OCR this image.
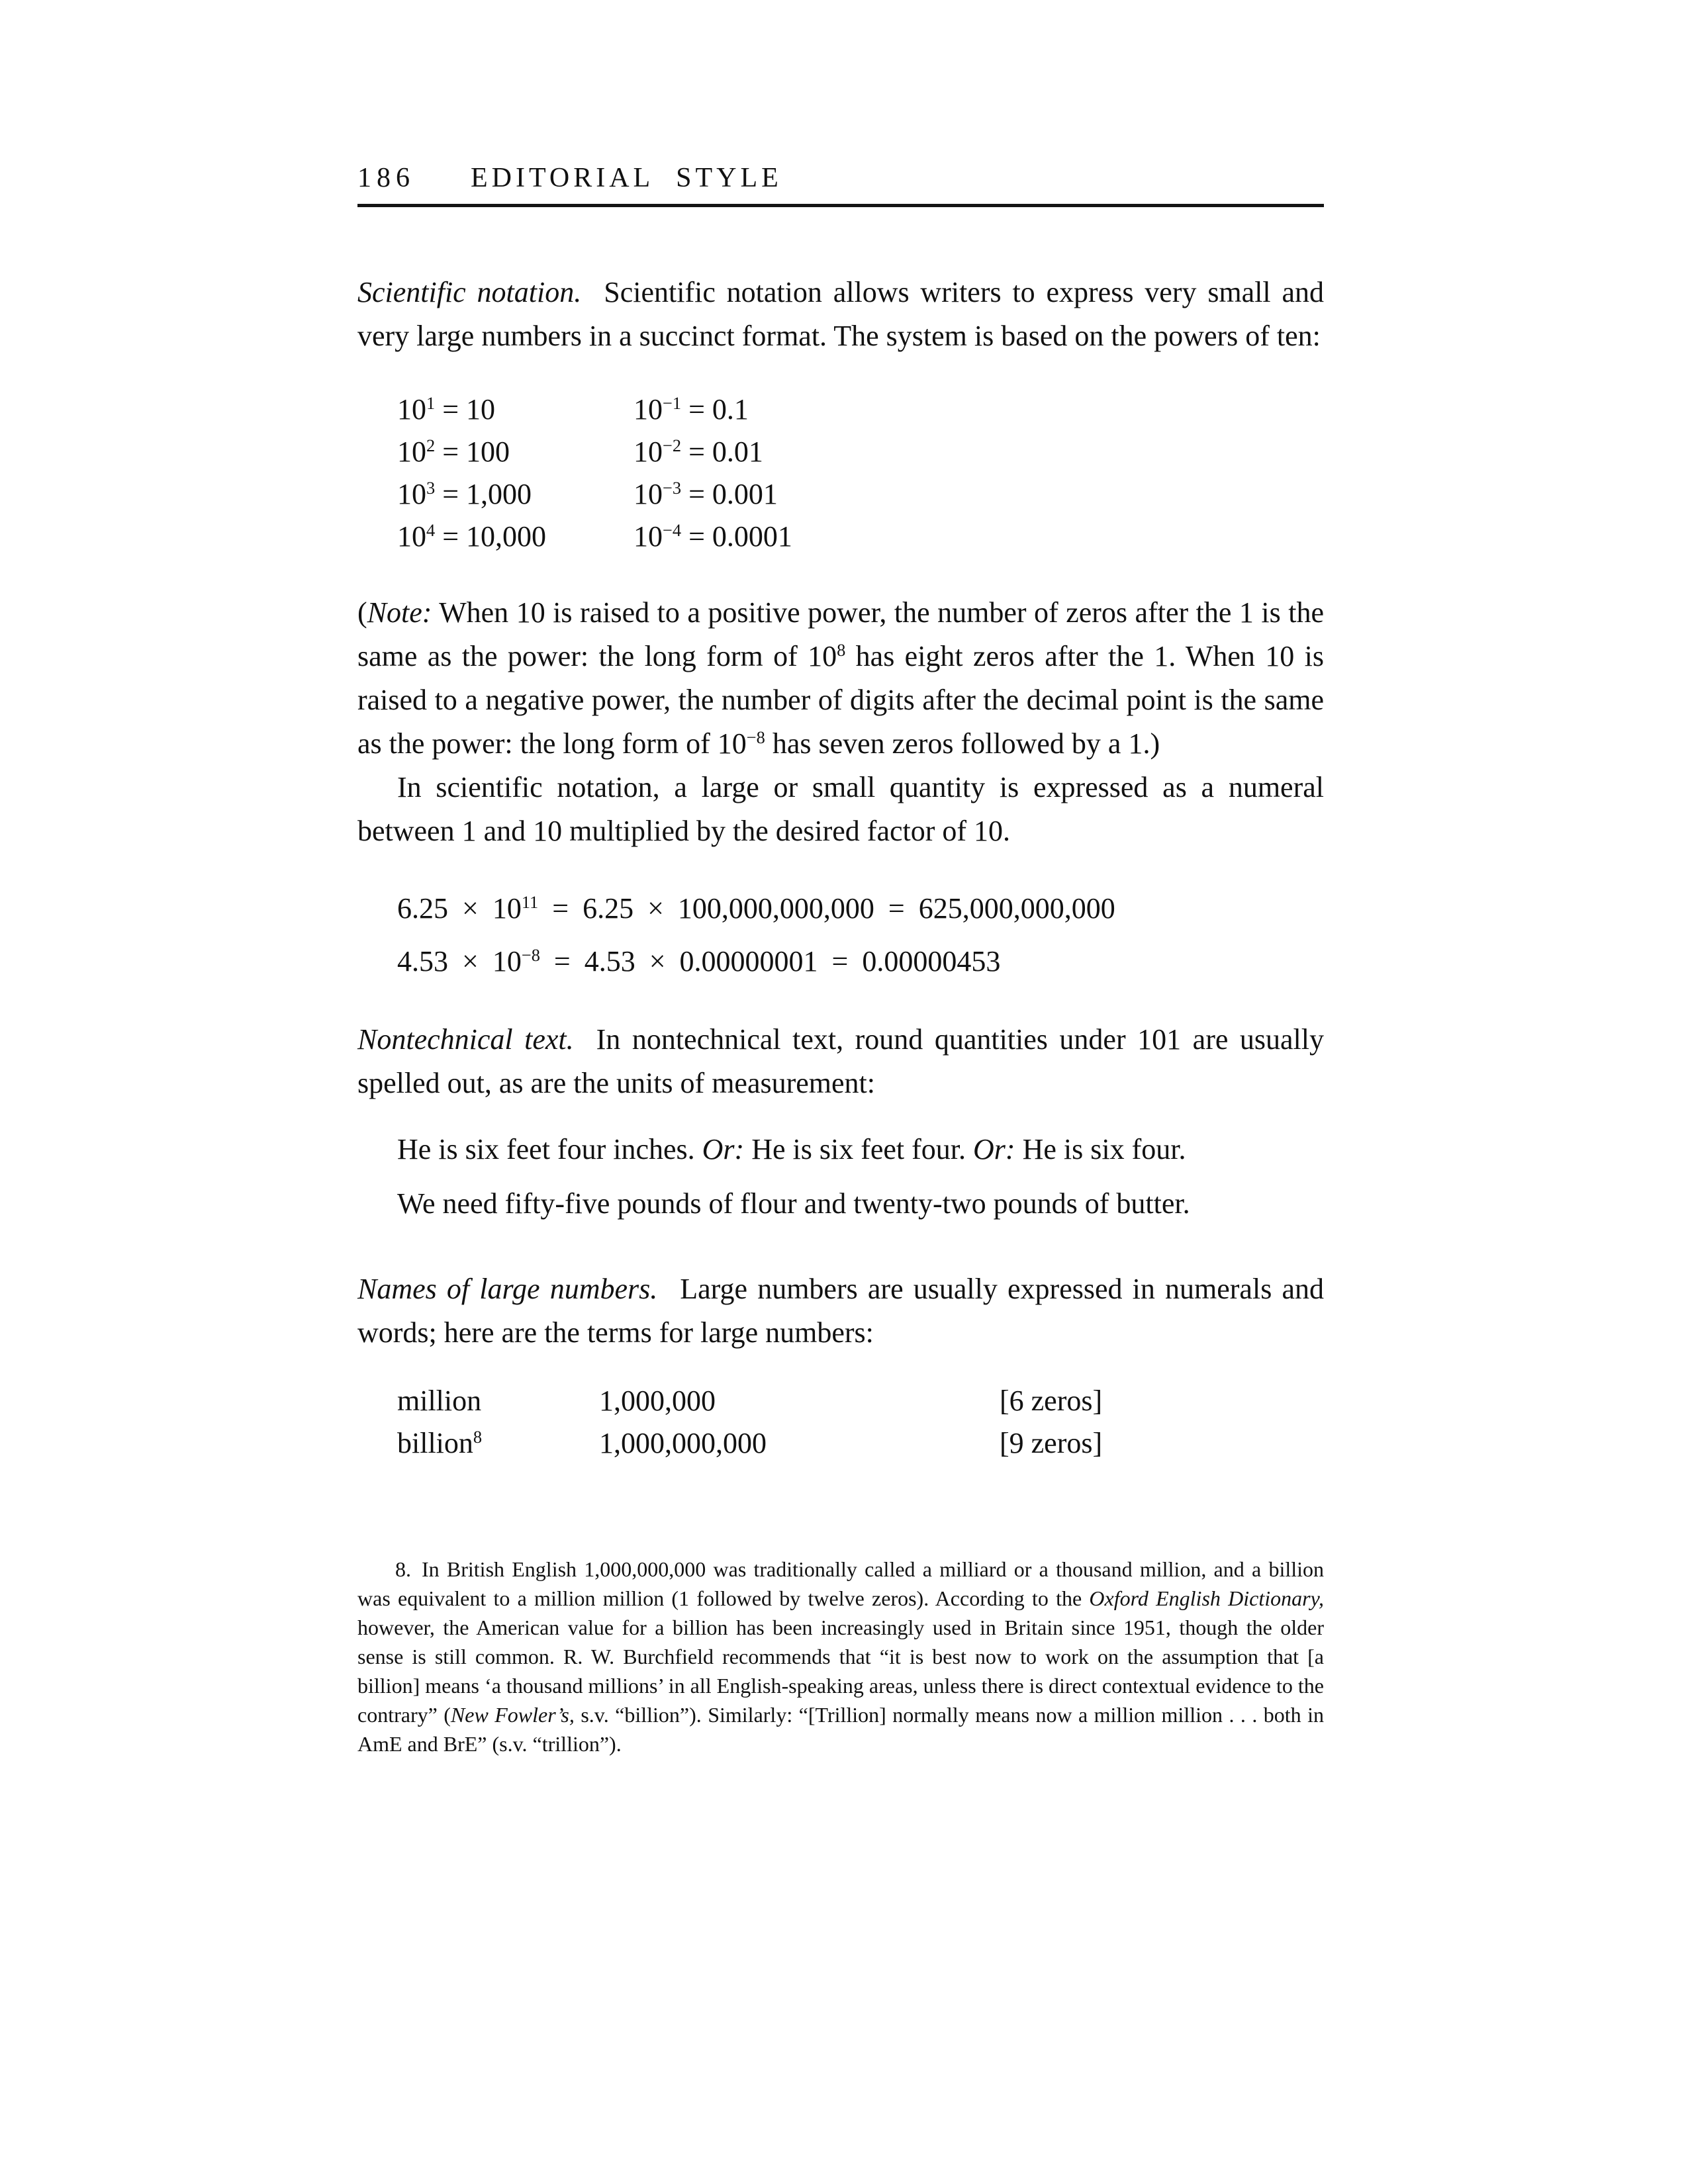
186 EDITORIAL STYLE
Scientific notation. Scientific notation allows writers to express very small and very large numbers in a succinct format. The system is based on the powers of ten:
$10^1 = 10$	$10^{-1} = 0.1$
$10^2 = 100$	$10^{-2} = 0.01$
$10^3 = 1,000$	$10^{-3} = 0.001$
$10^4 = 10,000$	$10^{-4} = 0.0001$
(Note: When 10 is raised to a positive power, the number of zeros after the 1 is the same as the power: the long form of $10^8$ has eight zeros after the 1. When 10 is raised to a negative power, the number of digits after the decimal point is the same as the power: the long form of $10^{-8}$ has seven zeros followed by a 1.)
In scientific notation, a large or small quantity is expressed as a numeral between 1 and 10 multiplied by the desired factor of 10.
$6.25 \times 10^{11} = 6.25 \times 100,000,000,000 = 625,000,000,000$
$4.53 \times 10^{-8} = 4.53 \times 0.00000001 = 0.00000453$
Nontechnical text. In nontechnical text, round quantities under 101 are usually spelled out, as are the units of measurement:
He is six feet four inches. Or: He is six feet four. Or: He is six four.
We need fifty-five pounds of flour and twenty-two pounds of butter.
Names of large numbers. Large numbers are usually expressed in numerals and words; here are the terms for large numbers:
million	1,000,000	[6 zeros]
billion$^8$	1,000,000,000	[9 zeros]
8. In British English 1,000,000,000 was traditionally called a milliard or a thousand million, and a billion was equivalent to a million million (1 followed by twelve zeros). According to the Oxford English Dictionary, however, the American value for a billion has been increasingly used in Britain since 1951, though the older sense is still common. R. W. Burchfield recommends that “it is best now to work on the assumption that [a billion] means ‘a thousand millions’ in all English-speaking areas, unless there is direct contextual evidence to the contrary” (New Fowler’s, s.v. “billion”). Similarly: “[Trillion] normally means now a million million . . . both in AmE and BrE” (s.v. “trillion”).
